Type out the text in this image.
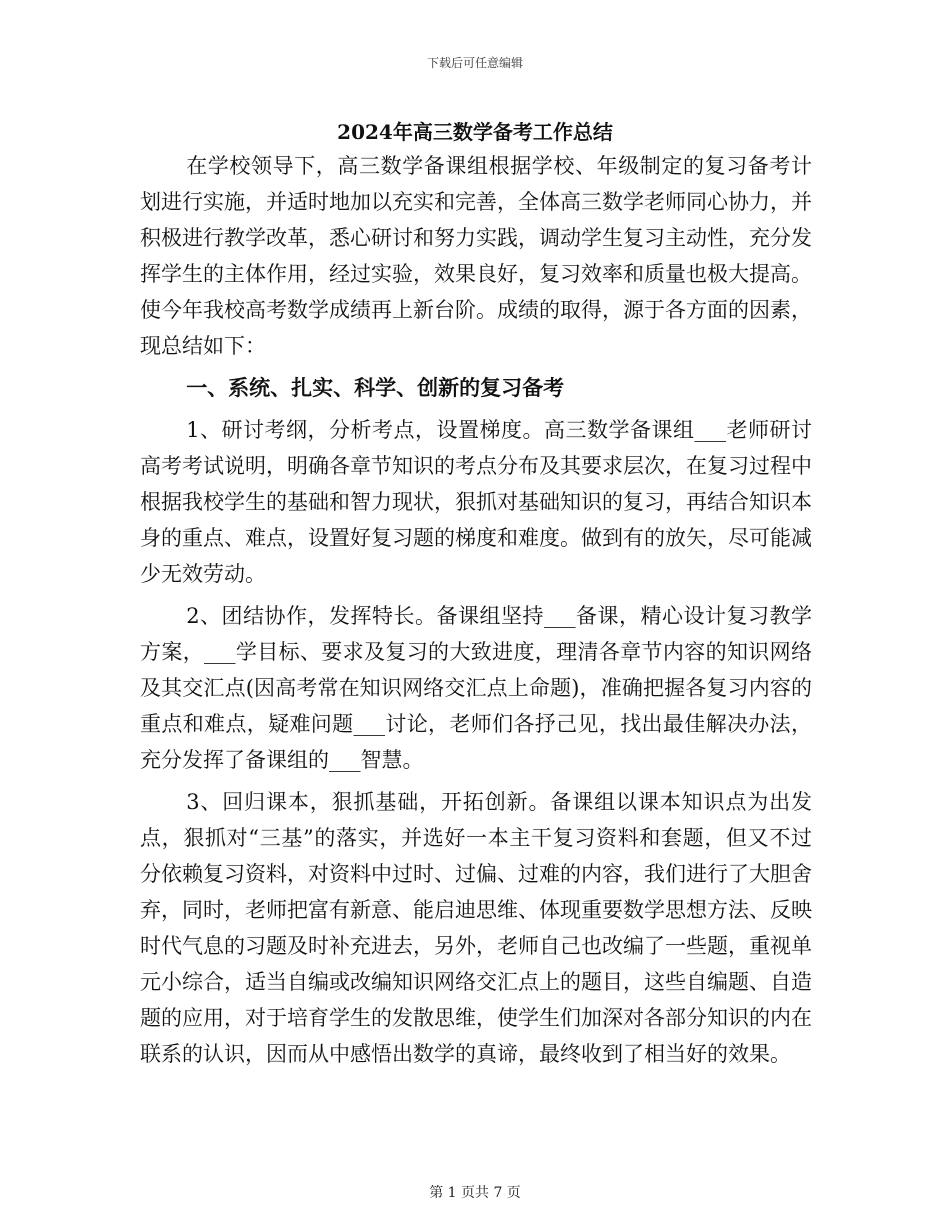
下载后可任意编辑
2024年高三数学备考工作总结

在学校领导下，高三数学备课组根据学校、年级制定的复习备考计划进行实施，并适时地加以充实和完善，全体高三数学老师同心协力，并积极进行教学改革，悉心研讨和努力实践，调动学生复习主动性，充分发挥学生的主体作用，经过实验，效果良好，复习效率和质量也极大提高。使今年我校高考数学成绩再上新台阶。成绩的取得，源于各方面的因素，现总结如下：

一、系统、扎实、科学、创新的复习备考

1、研讨考纲，分析考点，设置梯度。高三数学备课组___老师研讨高考考试说明，明确各章节知识的考点分布及其要求层次，在复习过程中根据我校学生的基础和智力现状，狠抓对基础知识的复习，再结合知识本身的重点、难点，设置好复习题的梯度和难度。做到有的放矢，尽可能减少无效劳动。

2、团结协作，发挥特长。备课组坚持___备课，精心设计复习教学方案，___学目标、要求及复习的大致进度，理清各章节内容的知识网络及其交汇点(因高考常在知识网络交汇点上命题)，准确把握各复习内容的重点和难点，疑难问题___讨论，老师们各抒己见，找出最佳解决办法，充分发挥了备课组的___智慧。

3、回归课本，狠抓基础，开拓创新。备课组以课本知识点为出发点，狠抓对“三基”的落实，并选好一本主干复习资料和套题，但又不过分依赖复习资料，对资料中过时、过偏、过难的内容，我们进行了大胆舍弃，同时，老师把富有新意、能启迪思维、体现重要数学思想方法、反映时代气息的习题及时补充进去，另外，老师自己也改编了一些题，重视单元小综合，适当自编或改编知识网络交汇点上的题目，这些自编题、自造题的应用，对于培育学生的发散思维，使学生们加深对各部分知识的内在联系的认识，因而从中感悟出数学的真谛，最终收到了相当好的效果。

第 1 页共 7 页
